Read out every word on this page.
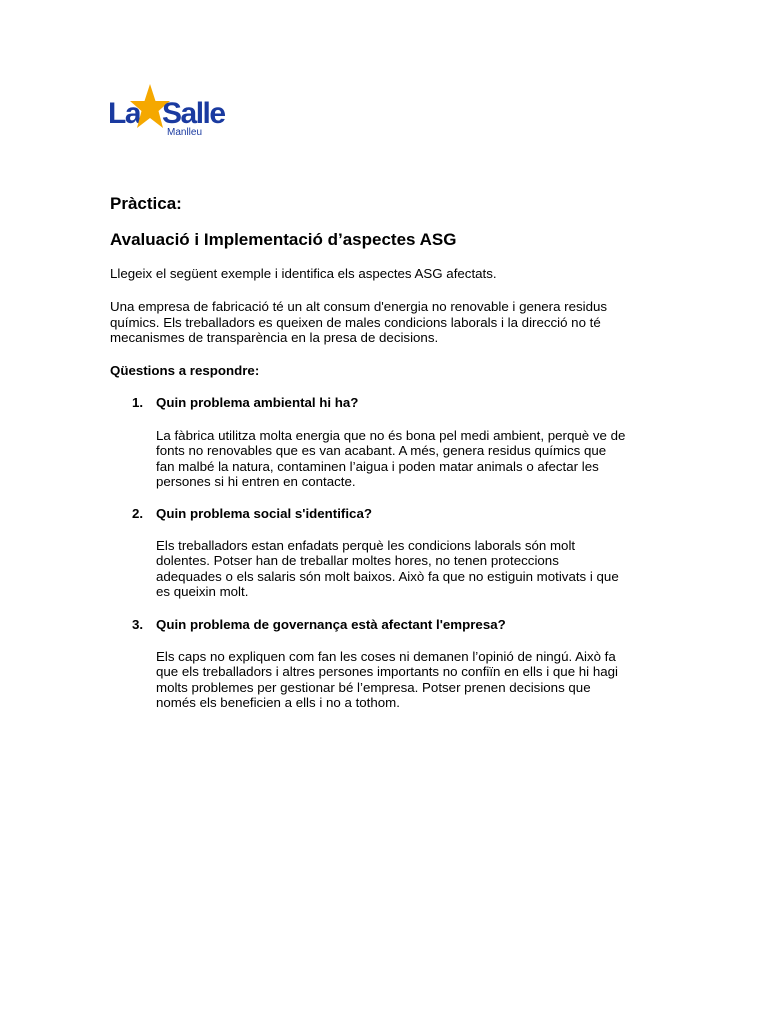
La Salle
Manlleu
Pràctica:
Avaluació i Implementació d’aspectes ASG

Llegeix el següent exemple i identifica els aspectes ASG afectats.

Una empresa de fabricació té un alt consum d'energia no renovable i genera residus

químics. Els treballadors es queixen de males condicions laborals i la direcció no té

mecanismes de transparència en la presa de decisions.

Qüestions a respondre:

1. Quin problema ambiental hi ha?

La fàbrica utilitza molta energia que no és bona pel medi ambient, perquè ve de

fonts no renovables que es van acabant. A més, genera residus químics que

fan malbé la natura, contaminen l’aigua i poden matar animals o afectar les

persones si hi entren en contacte.

2. Quin problema social s'identifica?

Els treballadors estan enfadats perquè les condicions laborals són molt

dolentes. Potser han de treballar moltes hores, no tenen proteccions

adequades o els salaris són molt baixos. Això fa que no estiguin motivats i que

es queixin molt.

3. Quin problema de governança està afectant l'empresa?

Els caps no expliquen com fan les coses ni demanen l’opinió de ningú. Això fa

que els treballadors i altres persones importants no confiïn en ells i que hi hagi

molts problemes per gestionar bé l’empresa. Potser prenen decisions que

només els beneficien a ells i no a tothom.
